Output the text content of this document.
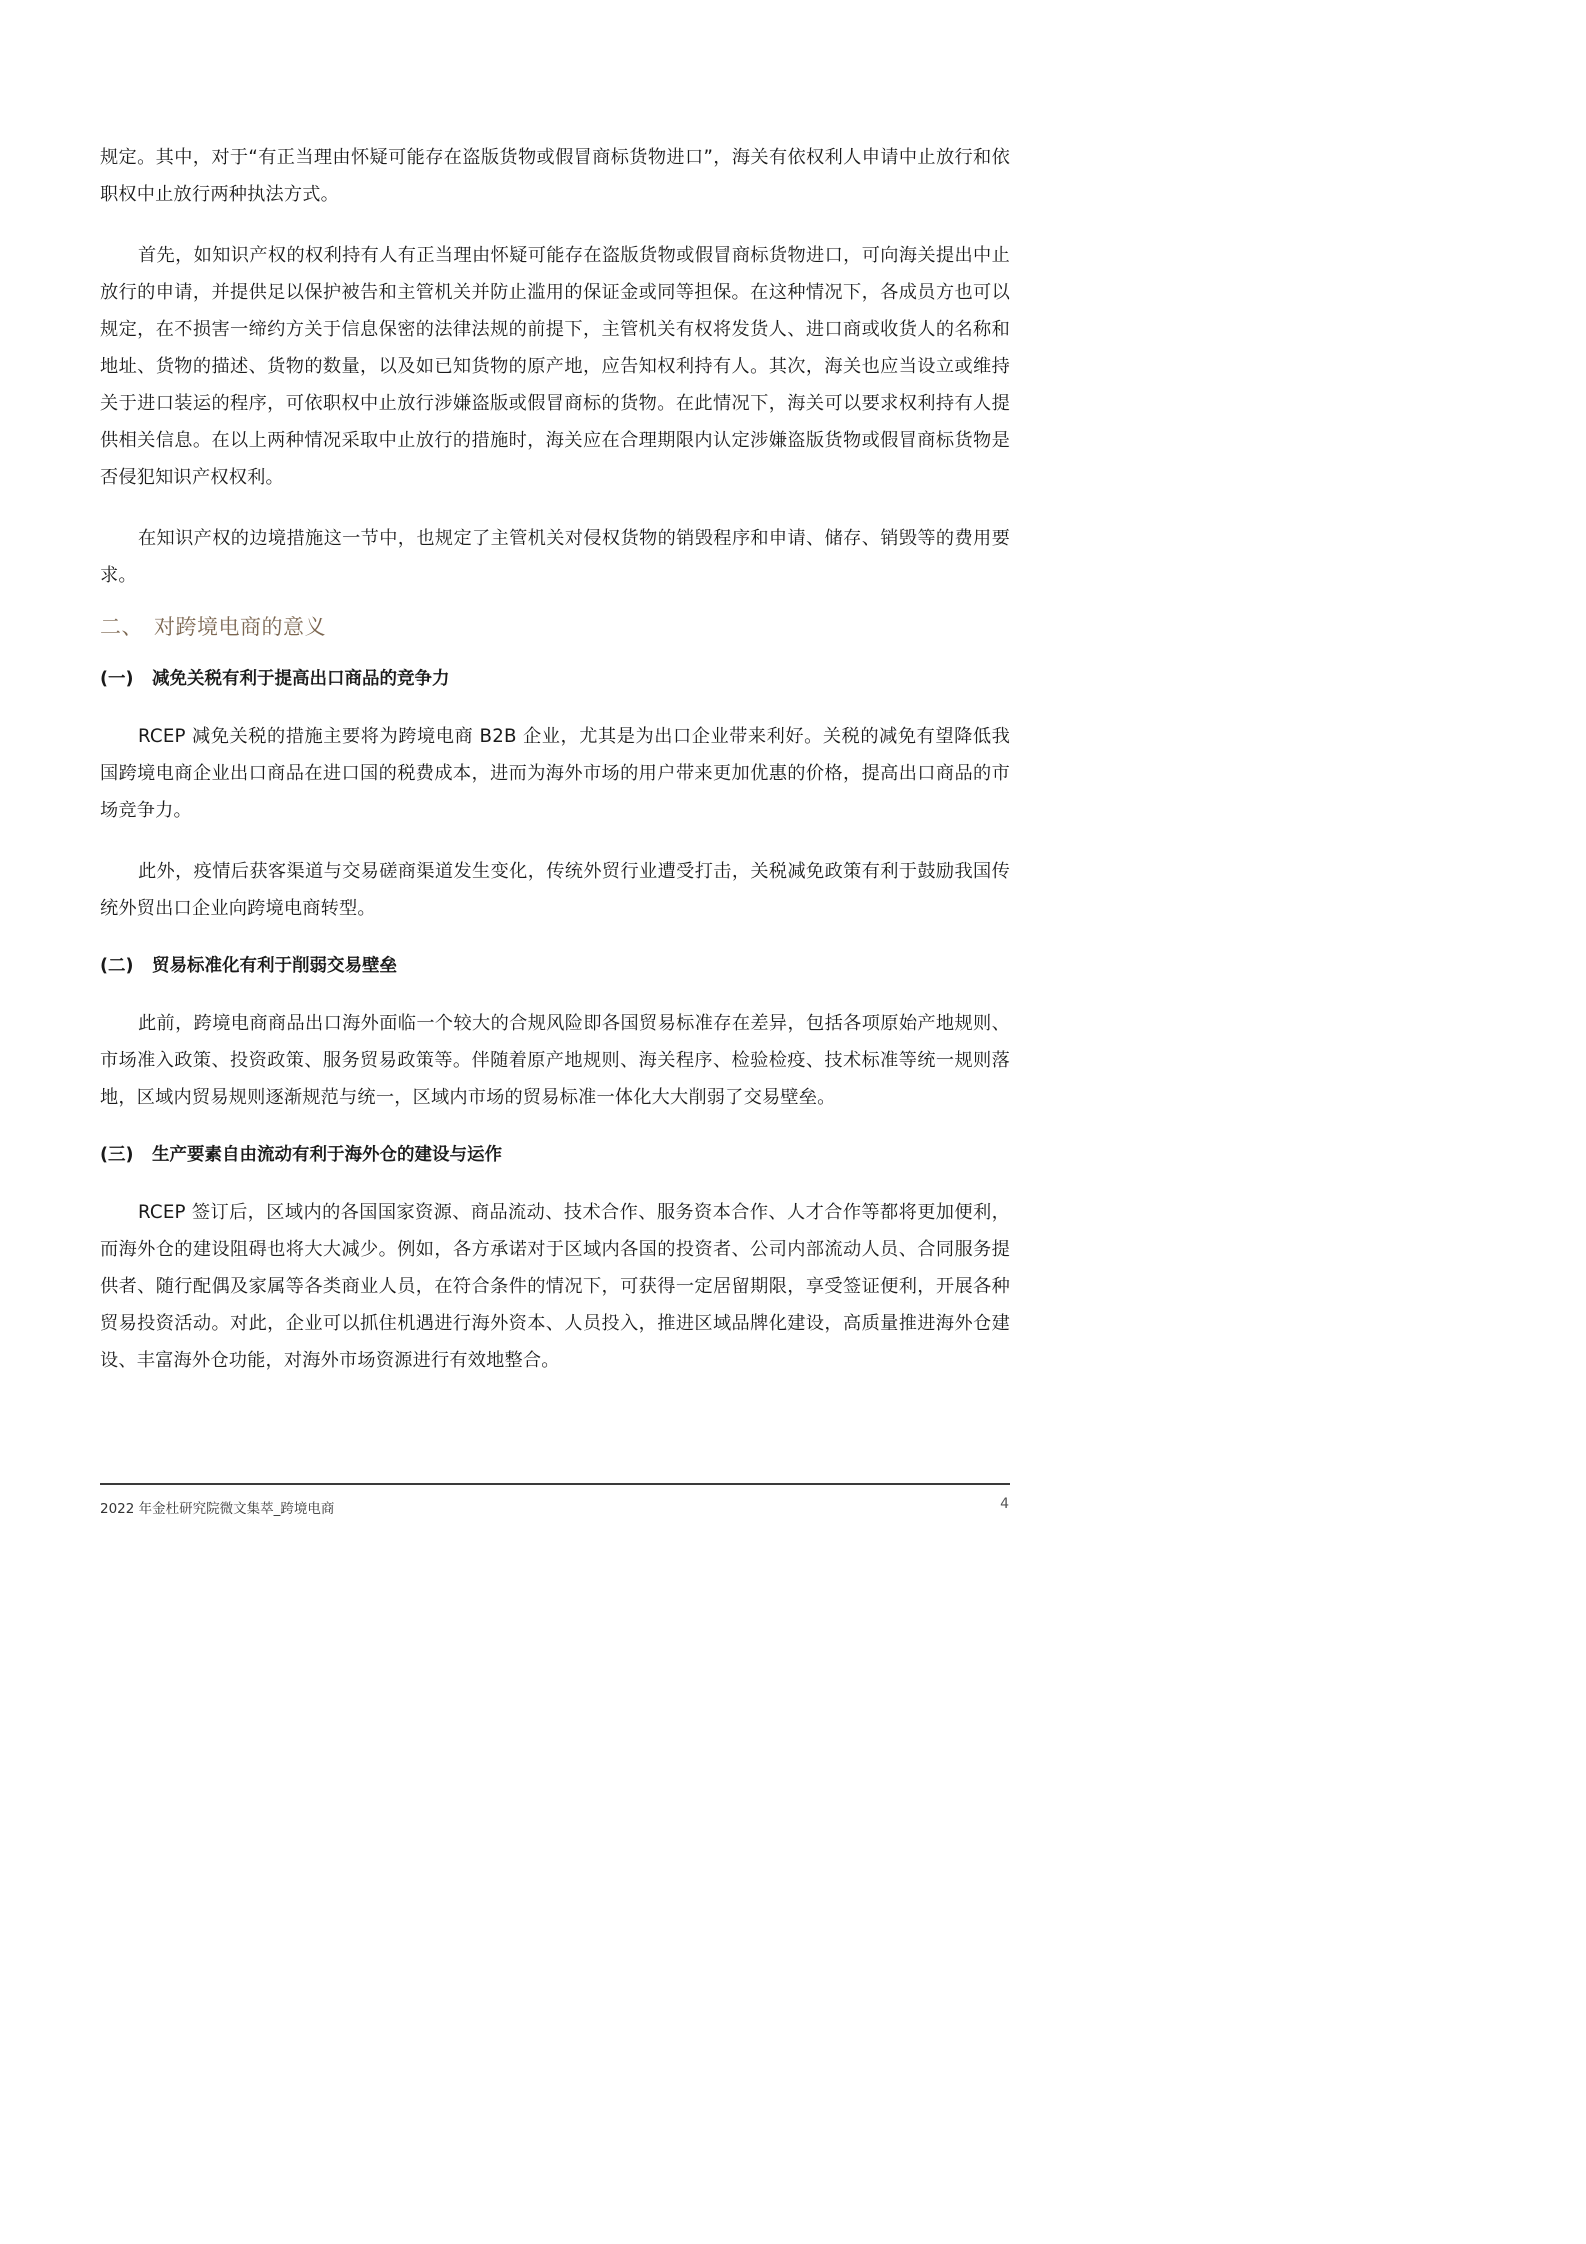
规定。其中，对于“有正当理由怀疑可能存在盗版货物或假冒商标货物进口”，海关有依权利人申请中止放行和依职权中止放行两种执法方式。

首先，如知识产权的权利持有人有正当理由怀疑可能存在盗版货物或假冒商标货物进口，可向海关提出中止放行的申请，并提供足以保护被告和主管机关并防止滥用的保证金或同等担保。在这种情况下，各成员方也可以规定，在不损害一缔约方关于信息保密的法律法规的前提下，主管机关有权将发货人、进口商或收货人的名称和地址、货物的描述、货物的数量，以及如已知货物的原产地，应告知权利持有人。其次，海关也应当设立或维持关于进口装运的程序，可依职权中止放行涉嫌盗版或假冒商标的货物。在此情况下，海关可以要求权利持有人提供相关信息。在以上两种情况采取中止放行的措施时，海关应在合理期限内认定涉嫌盗版货物或假冒商标货物是否侵犯知识产权权利。

在知识产权的边境措施这一节中，也规定了主管机关对侵权货物的销毁程序和申请、储存、销毁等的费用要求。

二、 对跨境电商的意义
(一) 减免关税有利于提高出口商品的竞争力

RCEP 减免关税的措施主要将为跨境电商 B2B 企业，尤其是为出口企业带来利好。关税的减免有望降低我国跨境电商企业出口商品在进口国的税费成本，进而为海外市场的用户带来更加优惠的价格，提高出口商品的市场竞争力。

此外，疫情后获客渠道与交易磋商渠道发生变化，传统外贸行业遭受打击，关税减免政策有利于鼓励我国传统外贸出口企业向跨境电商转型。

(二) 贸易标准化有利于削弱交易壁垒

此前，跨境电商商品出口海外面临一个较大的合规风险即各国贸易标准存在差异，包括各项原始产地规则、市场准入政策、投资政策、服务贸易政策等。伴随着原产地规则、海关程序、检验检疫、技术标准等统一规则落地，区域内贸易规则逐渐规范与统一，区域内市场的贸易标准一体化大大削弱了交易壁垒。

(三) 生产要素自由流动有利于海外仓的建设与运作

RCEP 签订后，区域内的各国国家资源、商品流动、技术合作、服务资本合作、人才合作等都将更加便利，而海外仓的建设阻碍也将大大减少。例如，各方承诺对于区域内各国的投资者、公司内部流动人员、合同服务提供者、随行配偶及家属等各类商业人员，在符合条件的情况下，可获得一定居留期限，享受签证便利，开展各种贸易投资活动。对此，企业可以抓住机遇进行海外资本、人员投入，推进区域品牌化建设，高质量推进海外仓建设、丰富海外仓功能，对海外市场资源进行有效地整合。

2022 年金杜研究院微文集萃_跨境电商	4
